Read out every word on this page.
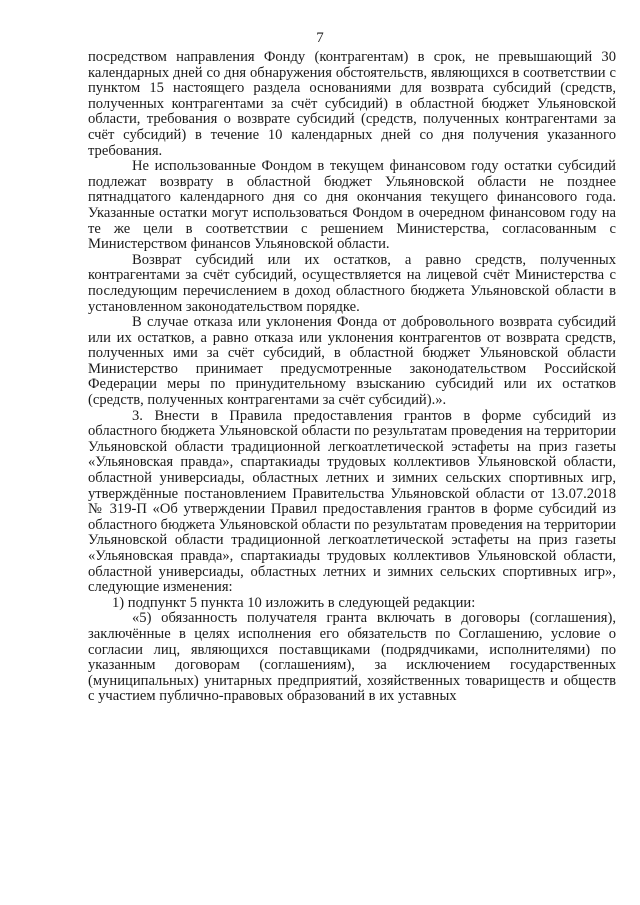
7

посредством направления Фонду (контрагентам) в срок, не превышающий 30 календарных дней со дня обнаружения обстоятельств, являющихся в соответствии с пунктом 15 настоящего раздела основаниями для возврата субсидий (средств, полученных контрагентами за счёт субсидий) в областной бюджет Ульяновской области, требования о возврате субсидий (средств, полученных контрагентами за счёт субсидий) в течение 10 календарных дней со дня получения указанного требования.

Не использованные Фондом в текущем финансовом году остатки субсидий подлежат возврату в областной бюджет Ульяновской области не позднее пятнадцатого календарного дня со дня окончания текущего финансового года. Указанные остатки могут использоваться Фондом в очередном финансовом году на те же цели в соответствии с решением Министерства, согласованным с Министерством финансов Ульяновской области.

Возврат субсидий или их остатков, а равно средств, полученных контрагентами за счёт субсидий, осуществляется на лицевой счёт Министерства с последующим перечислением в доход областного бюджета Ульяновской области в установленном законодательством порядке.

В случае отказа или уклонения Фонда от добровольного возврата субсидий или их остатков, а равно отказа или уклонения контрагентов от возврата средств, полученных ими за счёт субсидий, в областной бюджет Ульяновской области Министерство принимает предусмотренные законодательством Российской Федерации меры по принудительному взысканию субсидий или их остатков (средств, полученных контрагентами за счёт субсидий).».

3. Внести в Правила предоставления грантов в форме субсидий из областного бюджета Ульяновской области по результатам проведения на территории Ульяновской области традиционной легкоатлетической эстафеты на приз газеты «Ульяновская правда», спартакиады трудовых коллективов Ульяновской области, областной универсиады, областных летних и зимних сельских спортивных игр, утверждённые постановлением Правительства Ульяновской области от 13.07.2018 № 319-П «Об утверждении Правил предоставления грантов в форме субсидий из областного бюджета Ульяновской области по результатам проведения на территории Ульяновской области традиционной легкоатлетической эстафеты на приз газеты «Ульяновская правда», спартакиады трудовых коллективов Ульяновской области, областной универсиады, областных летних и зимних сельских спортивных игр», следующие изменения:

1) подпункт 5 пункта 10 изложить в следующей редакции:

«5) обязанность получателя гранта включать в договоры (соглашения), заключённые в целях исполнения его обязательств по Соглашению, условие о согласии лиц, являющихся поставщиками (подрядчиками, исполнителями) по указанным договорам (соглашениям), за исключением государственных (муниципальных) унитарных предприятий, хозяйственных товариществ и обществ с участием публично-правовых образований в их уставных
